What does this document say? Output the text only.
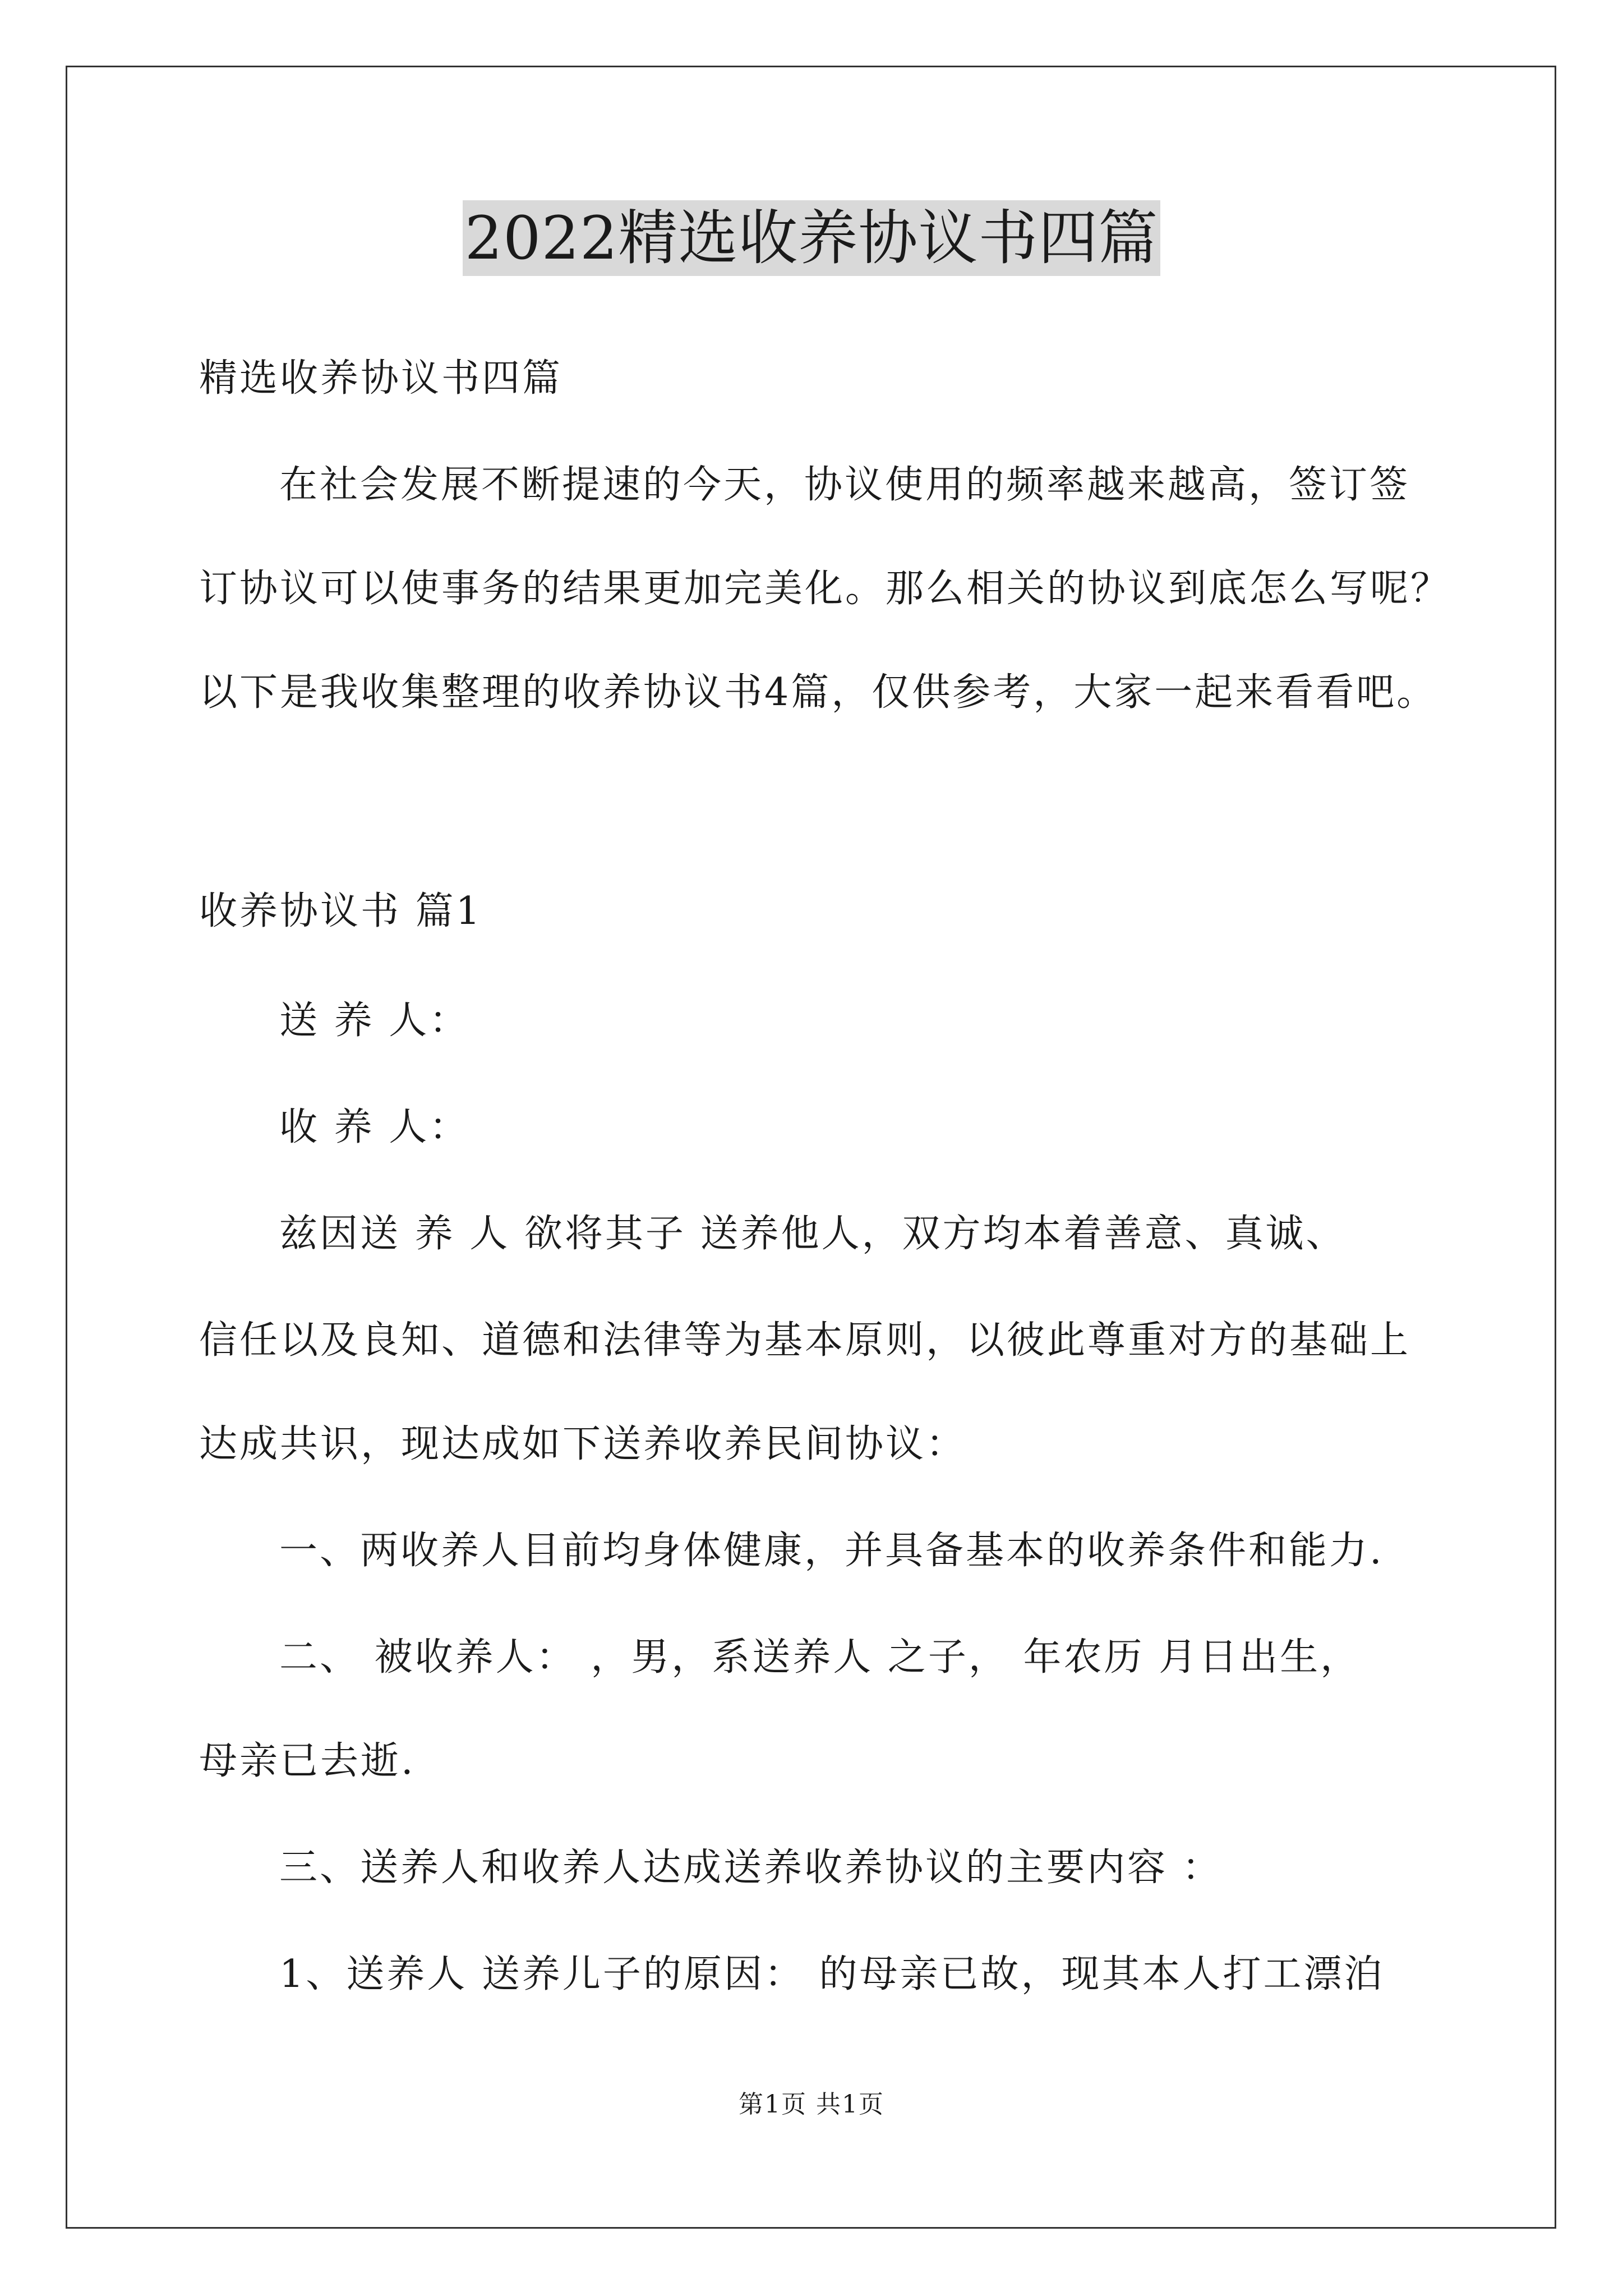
2022精选收养协议书四篇
精选收养协议书四篇
在社会发展不断提速的今天，协议使用的频率越来越高，签订签
订协议可以使事务的结果更加完美化。那么相关的协议到底怎么写呢？
以下是我收集整理的收养协议书4篇，仅供参考，大家一起来看看吧。
收养协议书 篇1
送 养 人：
收 养 人：
兹因送 养 人 欲将其子 送养他人，双方均本着善意、真诚、
信任以及良知、道德和法律等为基本原则，以彼此尊重对方的基础上
达成共识，现达成如下送养收养民间协议：
一、两收养人目前均身体健康，并具备基本的收养条件和能力.
二、 被收养人： ，男，系送养人 之子， 年农历 月日出生，
母亲已去逝.
三、送养人和收养人达成送养收养协议的主要内容 ：
1、送养人 送养儿子的原因： 的母亲已故，现其本人打工漂泊
第1页 共1页
